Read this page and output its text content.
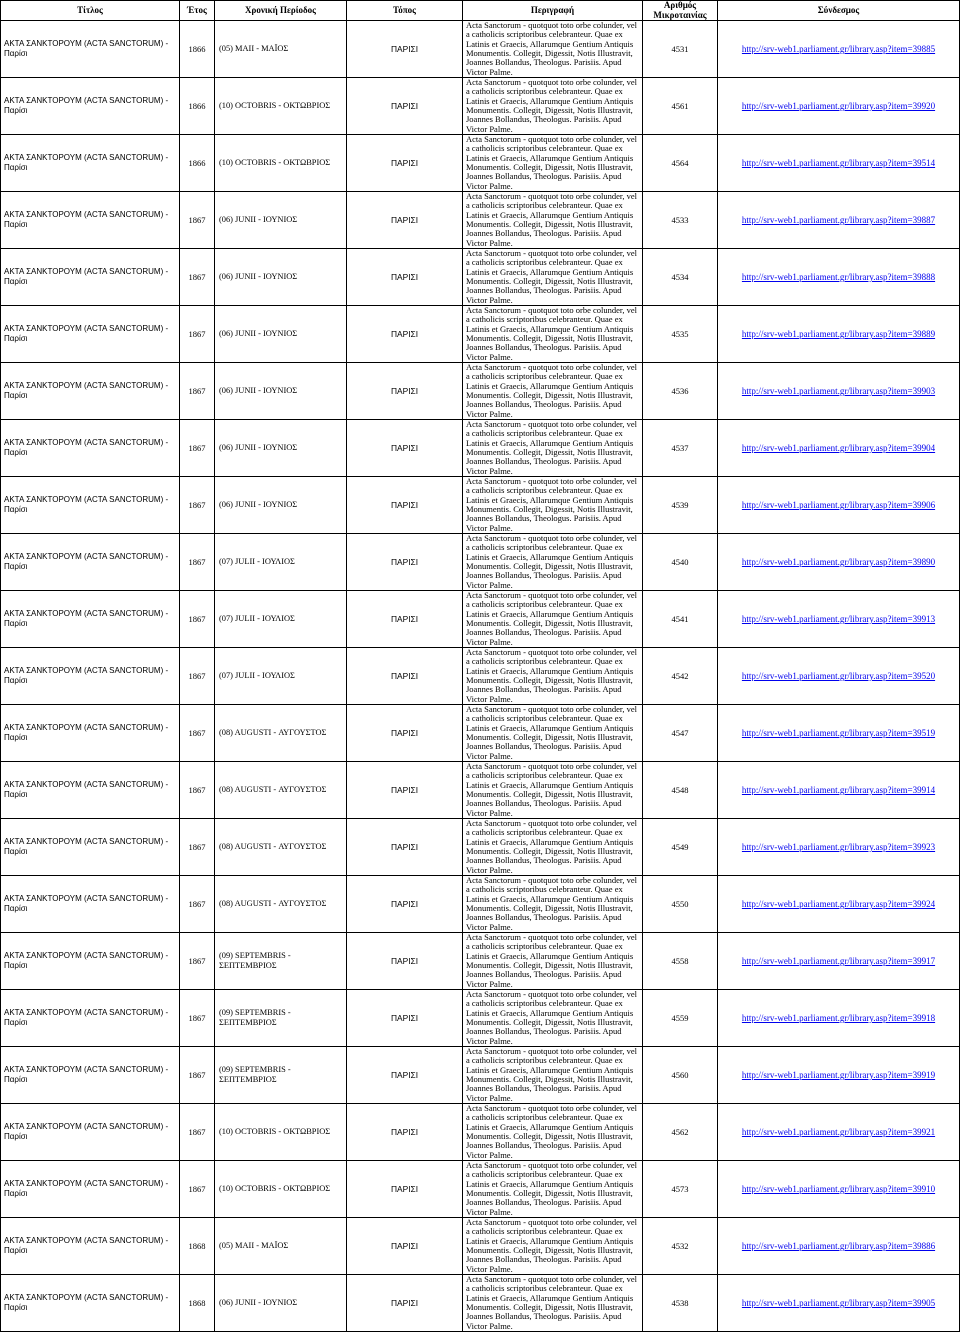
Τίτλος	Έτος	Χρονική Περίοδος	Τόπος	Περιγραφή	Αριθμός Μικροταινίας	Σύνδεσμος
ΑΚΤΑ ΣΑΝΚΤΟΡΟΥΜ (ACTA SANCTORUM) - Παρίσι	1866 (05) MAII - ΜΑΪΟΣ	ΠΑΡΙΣΙ
Acta Sanctorum - quotquot toto orbe colunder, vel a catholicis scriptoribus celebranteur. Quae ex Latinis et Graecis, Allarumque Gentium Antiquis Monumentis. Collegit, Digessit, Notis Illustravit, Joannes Bollandus, Theologus. Parisiis. Apud Victor Palme.
4531	http://srv-web1.parliament.gr/library.asp?item=39885
ΑΚΤΑ ΣΑΝΚΤΟΡΟΥΜ (ACTA SANCTORUM) - Παρίσι	1866 (10) OCTOBRIS - ΟΚΤΩΒΡΙΟΣ	ΠΑΡΙΣΙ
Acta Sanctorum - quotquot toto orbe colunder, vel a catholicis scriptoribus celebranteur. Quae ex Latinis et Graecis, Allarumque Gentium Antiquis Monumentis. Collegit, Digessit, Notis Illustravit, Joannes Bollandus, Theologus. Parisiis. Apud Victor Palme.
4561	http://srv-web1.parliament.gr/library.asp?item=39920
ΑΚΤΑ ΣΑΝΚΤΟΡΟΥΜ (ACTA SANCTORUM) - Παρίσι	1866 (10) OCTOBRIS - ΟΚΤΩΒΡΙΟΣ	ΠΑΡΙΣΙ
Acta Sanctorum - quotquot toto orbe colunder, vel a catholicis scriptoribus celebranteur. Quae ex Latinis et Graecis, Allarumque Gentium Antiquis Monumentis. Collegit, Digessit, Notis Illustravit, Joannes Bollandus, Theologus. Parisiis. Apud Victor Palme.
4564	http://srv-web1.parliament.gr/library.asp?item=39514
ΑΚΤΑ ΣΑΝΚΤΟΡΟΥΜ (ACTA SANCTORUM) - Παρίσι	1867 (06) JUNII - ΙΟΥΝΙΟΣ	ΠΑΡΙΣΙ
Acta Sanctorum - quotquot toto orbe colunder, vel a catholicis scriptoribus celebranteur. Quae ex Latinis et Graecis, Allarumque Gentium Antiquis Monumentis. Collegit, Digessit, Notis Illustravit, Joannes Bollandus, Theologus. Parisiis. Apud Victor Palme.
4533	http://srv-web1.parliament.gr/library.asp?item=39887
ΑΚΤΑ ΣΑΝΚΤΟΡΟΥΜ (ACTA SANCTORUM) - Παρίσι	1867 (06) JUNII - ΙΟΥΝΙΟΣ	ΠΑΡΙΣΙ
Acta Sanctorum - quotquot toto orbe colunder, vel a catholicis scriptoribus celebranteur. Quae ex Latinis et Graecis, Allarumque Gentium Antiquis Monumentis. Collegit, Digessit, Notis Illustravit, Joannes Bollandus, Theologus. Parisiis. Apud Victor Palme.
4534	http://srv-web1.parliament.gr/library.asp?item=39888
ΑΚΤΑ ΣΑΝΚΤΟΡΟΥΜ (ACTA SANCTORUM) - Παρίσι	1867 (06) JUNII - ΙΟΥΝΙΟΣ	ΠΑΡΙΣΙ
Acta Sanctorum - quotquot toto orbe colunder, vel a catholicis scriptoribus celebranteur. Quae ex Latinis et Graecis, Allarumque Gentium Antiquis Monumentis. Collegit, Digessit, Notis Illustravit, Joannes Bollandus, Theologus. Parisiis. Apud Victor Palme.
4535	http://srv-web1.parliament.gr/library.asp?item=39889
ΑΚΤΑ ΣΑΝΚΤΟΡΟΥΜ (ACTA SANCTORUM) - Παρίσι	1867 (06) JUNII - ΙΟΥΝΙΟΣ	ΠΑΡΙΣΙ
Acta Sanctorum - quotquot toto orbe colunder, vel a catholicis scriptoribus celebranteur. Quae ex Latinis et Graecis, Allarumque Gentium Antiquis Monumentis. Collegit, Digessit, Notis Illustravit, Joannes Bollandus, Theologus. Parisiis. Apud Victor Palme.
4536	http://srv-web1.parliament.gr/library.asp?item=39903
ΑΚΤΑ ΣΑΝΚΤΟΡΟΥΜ (ACTA SANCTORUM) - Παρίσι	1867 (06) JUNII - ΙΟΥΝΙΟΣ	ΠΑΡΙΣΙ
Acta Sanctorum - quotquot toto orbe colunder, vel a catholicis scriptoribus celebranteur. Quae ex Latinis et Graecis, Allarumque Gentium Antiquis Monumentis. Collegit, Digessit, Notis Illustravit, Joannes Bollandus, Theologus. Parisiis. Apud Victor Palme.
4537	http://srv-web1.parliament.gr/library.asp?item=39904
ΑΚΤΑ ΣΑΝΚΤΟΡΟΥΜ (ACTA SANCTORUM) - Παρίσι	1867 (06) JUNII - ΙΟΥΝΙΟΣ	ΠΑΡΙΣΙ
Acta Sanctorum - quotquot toto orbe colunder, vel a catholicis scriptoribus celebranteur. Quae ex Latinis et Graecis, Allarumque Gentium Antiquis Monumentis. Collegit, Digessit, Notis Illustravit, Joannes Bollandus, Theologus. Parisiis. Apud Victor Palme.
4539	http://srv-web1.parliament.gr/library.asp?item=39906
ΑΚΤΑ ΣΑΝΚΤΟΡΟΥΜ (ACTA SANCTORUM) - Παρίσι	1867 (07) JULII - ΙΟΥΛΙΟΣ	ΠΑΡΙΣΙ
Acta Sanctorum - quotquot toto orbe colunder, vel a catholicis scriptoribus celebranteur. Quae ex Latinis et Graecis, Allarumque Gentium Antiquis Monumentis. Collegit, Digessit, Notis Illustravit, Joannes Bollandus, Theologus. Parisiis. Apud Victor Palme.
4540	http://srv-web1.parliament.gr/library.asp?item=39890
ΑΚΤΑ ΣΑΝΚΤΟΡΟΥΜ (ACTA SANCTORUM) - Παρίσι	1867 (07) JULII - ΙΟΥΛΙΟΣ	ΠΑΡΙΣΙ
Acta Sanctorum - quotquot toto orbe colunder, vel a catholicis scriptoribus celebranteur. Quae ex Latinis et Graecis, Allarumque Gentium Antiquis Monumentis. Collegit, Digessit, Notis Illustravit, Joannes Bollandus, Theologus. Parisiis. Apud Victor Palme.
4541	http://srv-web1.parliament.gr/library.asp?item=39913
ΑΚΤΑ ΣΑΝΚΤΟΡΟΥΜ (ACTA SANCTORUM) - Παρίσι	1867 (07) JULII - ΙΟΥΛΙΟΣ	ΠΑΡΙΣΙ
Acta Sanctorum - quotquot toto orbe colunder, vel a catholicis scriptoribus celebranteur. Quae ex Latinis et Graecis, Allarumque Gentium Antiquis Monumentis. Collegit, Digessit, Notis Illustravit, Joannes Bollandus, Theologus. Parisiis. Apud Victor Palme.
4542	http://srv-web1.parliament.gr/library.asp?item=39520
ΑΚΤΑ ΣΑΝΚΤΟΡΟΥΜ (ACTA SANCTORUM) - Παρίσι	1867 (08) AUGUSTI - ΑΥΓΟΥΣΤΟΣ	ΠΑΡΙΣΙ
Acta Sanctorum - quotquot toto orbe colunder, vel a catholicis scriptoribus celebranteur. Quae ex Latinis et Graecis, Allarumque Gentium Antiquis Monumentis. Collegit, Digessit, Notis Illustravit, Joannes Bollandus, Theologus. Parisiis. Apud Victor Palme.
4547	http://srv-web1.parliament.gr/library.asp?item=39519
ΑΚΤΑ ΣΑΝΚΤΟΡΟΥΜ (ACTA SANCTORUM) - Παρίσι	1867 (08) AUGUSTI - ΑΥΓΟΥΣΤΟΣ	ΠΑΡΙΣΙ
Acta Sanctorum - quotquot toto orbe colunder, vel a catholicis scriptoribus celebranteur. Quae ex Latinis et Graecis, Allarumque Gentium Antiquis Monumentis. Collegit, Digessit, Notis Illustravit, Joannes Bollandus, Theologus. Parisiis. Apud Victor Palme.
4548	http://srv-web1.parliament.gr/library.asp?item=39914
ΑΚΤΑ ΣΑΝΚΤΟΡΟΥΜ (ACTA SANCTORUM) - Παρίσι	1867 (08) AUGUSTI - ΑΥΓΟΥΣΤΟΣ	ΠΑΡΙΣΙ
Acta Sanctorum - quotquot toto orbe colunder, vel a catholicis scriptoribus celebranteur. Quae ex Latinis et Graecis, Allarumque Gentium Antiquis Monumentis. Collegit, Digessit, Notis Illustravit, Joannes Bollandus, Theologus. Parisiis. Apud Victor Palme.
4549	http://srv-web1.parliament.gr/library.asp?item=39923
ΑΚΤΑ ΣΑΝΚΤΟΡΟΥΜ (ACTA SANCTORUM) - Παρίσι	1867 (08) AUGUSTI - ΑΥΓΟΥΣΤΟΣ	ΠΑΡΙΣΙ
Acta Sanctorum - quotquot toto orbe colunder, vel a catholicis scriptoribus celebranteur. Quae ex Latinis et Graecis, Allarumque Gentium Antiquis Monumentis. Collegit, Digessit, Notis Illustravit, Joannes Bollandus, Theologus. Parisiis. Apud Victor Palme.
4550	http://srv-web1.parliament.gr/library.asp?item=39924
ΑΚΤΑ ΣΑΝΚΤΟΡΟΥΜ (ACTA SANCTORUM) - Παρίσι	1867
(09) SEPTEMBRIS - ΣΕΠΤΕΜΒΡΙΟΣ	ΠΑΡΙΣΙ
Acta Sanctorum - quotquot toto orbe colunder, vel a catholicis scriptoribus celebranteur. Quae ex Latinis et Graecis, Allarumque Gentium Antiquis Monumentis. Collegit, Digessit, Notis Illustravit, Joannes Bollandus, Theologus. Parisiis. Apud Victor Palme.
4558	http://srv-web1.parliament.gr/library.asp?item=39917
ΑΚΤΑ ΣΑΝΚΤΟΡΟΥΜ (ACTA SANCTORUM) - Παρίσι	1867
(09) SEPTEMBRIS - ΣΕΠΤΕΜΒΡΙΟΣ	ΠΑΡΙΣΙ
Acta Sanctorum - quotquot toto orbe colunder, vel a catholicis scriptoribus celebranteur. Quae ex Latinis et Graecis, Allarumque Gentium Antiquis Monumentis. Collegit, Digessit, Notis Illustravit, Joannes Bollandus, Theologus. Parisiis. Apud Victor Palme.
4559	http://srv-web1.parliament.gr/library.asp?item=39918
ΑΚΤΑ ΣΑΝΚΤΟΡΟΥΜ (ACTA SANCTORUM) - Παρίσι	1867
(09) SEPTEMBRIS - ΣΕΠΤΕΜΒΡΙΟΣ	ΠΑΡΙΣΙ
Acta Sanctorum - quotquot toto orbe colunder, vel a catholicis scriptoribus celebranteur. Quae ex Latinis et Graecis, Allarumque Gentium Antiquis Monumentis. Collegit, Digessit, Notis Illustravit, Joannes Bollandus, Theologus. Parisiis. Apud Victor Palme.
4560	http://srv-web1.parliament.gr/library.asp?item=39919
ΑΚΤΑ ΣΑΝΚΤΟΡΟΥΜ (ACTA SANCTORUM) - Παρίσι	1867 (10) OCTOBRIS - ΟΚΤΩΒΡΙΟΣ	ΠΑΡΙΣΙ
Acta Sanctorum - quotquot toto orbe colunder, vel a catholicis scriptoribus celebranteur. Quae ex Latinis et Graecis, Allarumque Gentium Antiquis Monumentis. Collegit, Digessit, Notis Illustravit, Joannes Bollandus, Theologus. Parisiis. Apud Victor Palme.
4562	http://srv-web1.parliament.gr/library.asp?item=39921
ΑΚΤΑ ΣΑΝΚΤΟΡΟΥΜ (ACTA SANCTORUM) - Παρίσι	1867 (10) OCTOBRIS - ΟΚΤΩΒΡΙΟΣ	ΠΑΡΙΣΙ
Acta Sanctorum - quotquot toto orbe colunder, vel a catholicis scriptoribus celebranteur. Quae ex Latinis et Graecis, Allarumque Gentium Antiquis Monumentis. Collegit, Digessit, Notis Illustravit, Joannes Bollandus, Theologus. Parisiis. Apud Victor Palme.
4573	http://srv-web1.parliament.gr/library.asp?item=39910
ΑΚΤΑ ΣΑΝΚΤΟΡΟΥΜ (ACTA SANCTORUM) - Παρίσι	1868 (05) MAII - ΜΑΪΟΣ	ΠΑΡΙΣΙ
Acta Sanctorum - quotquot toto orbe colunder, vel a catholicis scriptoribus celebranteur. Quae ex Latinis et Graecis, Allarumque Gentium Antiquis Monumentis. Collegit, Digessit, Notis Illustravit, Joannes Bollandus, Theologus. Parisiis. Apud Victor Palme.
4532	http://srv-web1.parliament.gr/library.asp?item=39886
ΑΚΤΑ ΣΑΝΚΤΟΡΟΥΜ (ACTA SANCTORUM) - Παρίσι	1868 (06) JUNII - ΙΟΥΝΙΟΣ	ΠΑΡΙΣΙ
Acta Sanctorum - quotquot toto orbe colunder, vel a catholicis scriptoribus celebranteur. Quae ex Latinis et Graecis, Allarumque Gentium Antiquis Monumentis. Collegit, Digessit, Notis Illustravit, Joannes Bollandus, Theologus. Parisiis. Apud Victor Palme.
4538	http://srv-web1.parliament.gr/library.asp?item=39905
